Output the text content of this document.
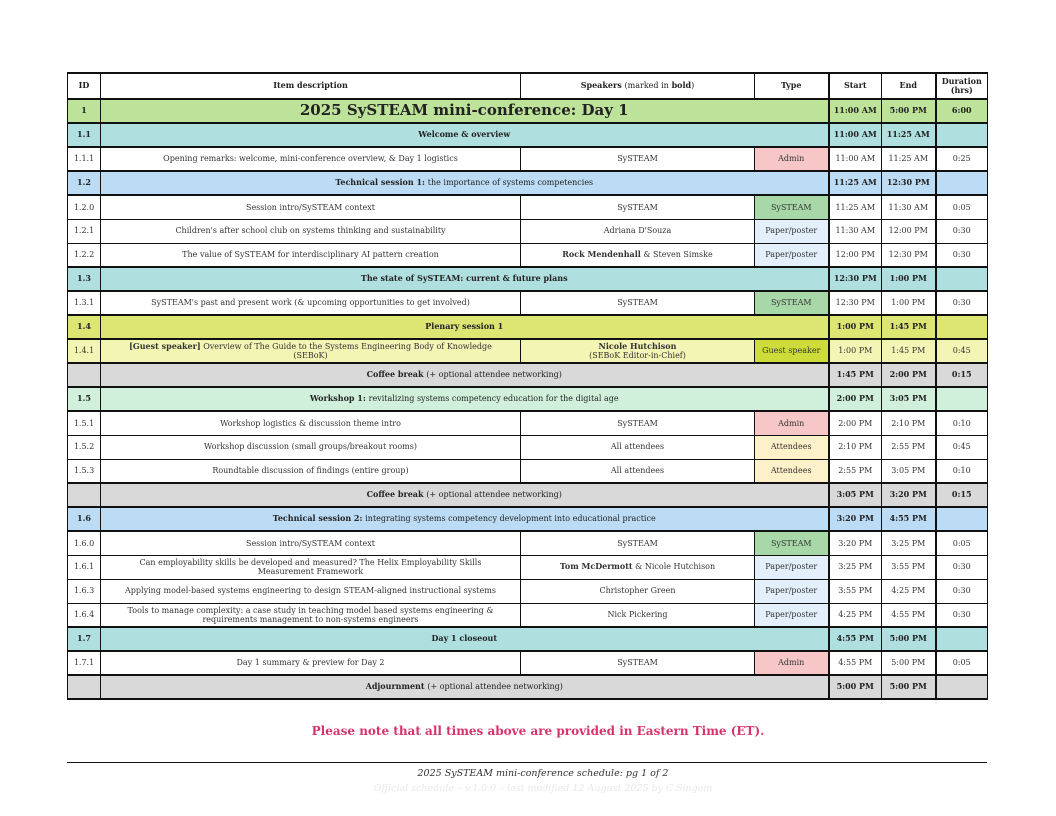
ID	Item description	Speakers (marked in bold)	Type	Start	End	Duration
(hrs)
1	2025 SySTEAM mini-conference: Day 1			11:00 AM	5:00 PM	6:00
1.1	Welcome & overview			11:00 AM	11:25 AM	
1.1.1	Opening remarks: welcome, mini-conference overview, & Day 1 logistics	SySTEAM	Admin	11:00 AM	11:25 AM	0:25
1.2	Technical session 1: the importance of systems competencies			11:25 AM	12:30 PM	
1.2.0	Session intro/SySTEAM context	SySTEAM	SySTEAM	11:25 AM	11:30 AM	0:05
1.2.1	Children's after school club on systems thinking and sustainability	Adriana D'Souza	Paper/poster	11:30 AM	12:00 PM	0:30
1.2.2	The value of SySTEAM for interdisciplinary AI pattern creation	Rock Mendenhall & Steven Simske	Paper/poster	12:00 PM	12:30 PM	0:30
1.3	The state of SySTEAM: current & future plans			12:30 PM	1:00 PM	
1.3.1	SySTEAM's past and present work (& upcoming opportunities to get involved)	SySTEAM	SySTEAM	12:30 PM	1:00 PM	0:30
1.4	Plenary session 1			1:00 PM	1:45 PM	
1.4.1	[Guest speaker] Overview of The Guide to the Systems Engineering Body of Knowledge
(SEBoK)	Nicole Hutchison
(SEBoK Editor-in-Chief)	Guest speaker	1:00 PM	1:45 PM	0:45
	Coffee break (+ optional attendee networking)			1:45 PM	2:00 PM	0:15
1.5	Workshop 1: revitalizing systems competency education for the digital age			2:00 PM	3:05 PM	
1.5.1	Workshop logistics & discussion theme intro	SySTEAM	Admin	2:00 PM	2:10 PM	0:10
1.5.2	Workshop discussion (small groups/breakout rooms)	All attendees	Attendees	2:10 PM	2:55 PM	0:45
1.5.3	Roundtable discussion of findings (entire group)	All attendees	Attendees	2:55 PM	3:05 PM	0:10
	Coffee break (+ optional attendee networking)			3:05 PM	3:20 PM	0:15
1.6	Technical session 2: integrating systems competency development into educational practice			3:20 PM	4:55 PM	
1.6.0	Session intro/SySTEAM context	SySTEAM	SySTEAM	3:20 PM	3:25 PM	0:05
1.6.1	Can employability skills be developed and measured? The Helix Employability Skills
Measurement Framework	Tom McDermott & Nicole Hutchison	Paper/poster	3:25 PM	3:55 PM	0:30
1.6.3	Applying model-based systems engineering to design STEAM-aligned instructional systems	Christopher Green	Paper/poster	3:55 PM	4:25 PM	0:30
1.6.4	Tools to manage complexity: a case study in teaching model based systems engineering &
requirements management to non-systems engineers	Nick Pickering	Paper/poster	4:25 PM	4:55 PM	0:30
1.7	Day 1 closeout			4:55 PM	5:00 PM	
1.7.1	Day 1 summary & preview for Day 2	SySTEAM	Admin	4:55 PM	5:00 PM	0:05
	Adjournment (+ optional attendee networking)			5:00 PM	5:00 PM	
Please note that all times above are provided in Eastern Time (ET).
2025 SySTEAM mini-conference schedule: pg 1 of 2
Official schedule – v.1.0.0 – last modified 12 August 2025 by C.Singam
